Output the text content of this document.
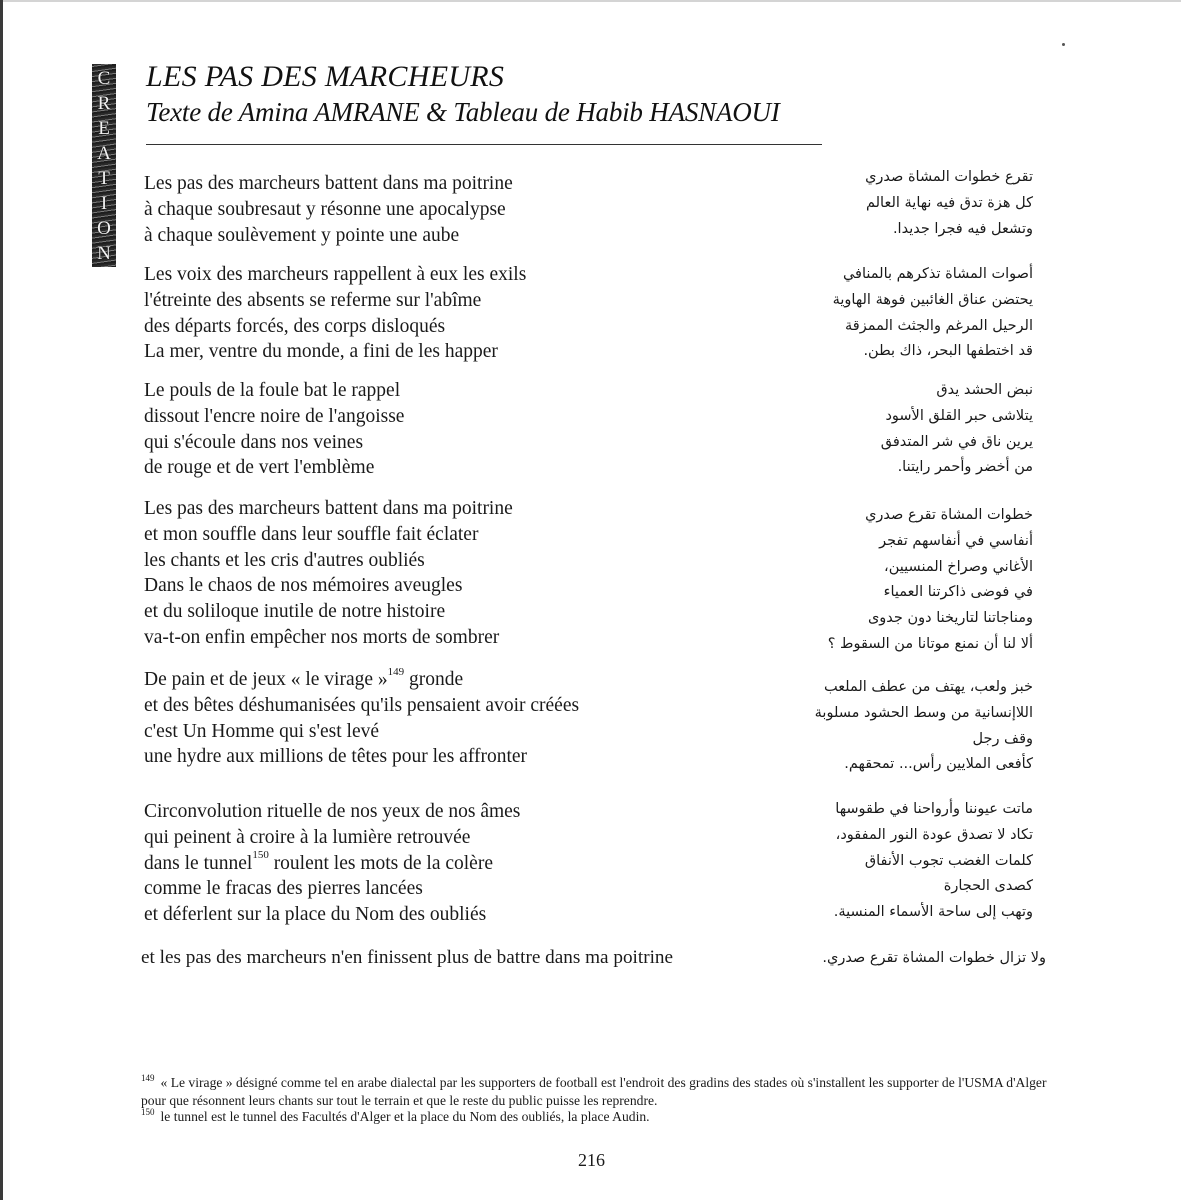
C
R
E
A
T
I
O
N
LES PAS DES MARCHEURS
Texte de Amina AMRANE & Tableau de Habib HASNAOUI
Les pas des marcheurs battent dans ma poitrine
à chaque soubresaut y résonne une apocalypse
à chaque soulèvement y pointe une aube
Les voix des marcheurs rappellent à eux les exils
l'étreinte des absents se referme sur l'abîme
des départs forcés, des corps disloqués
La mer, ventre du monde, a fini de les happer
Le pouls de la foule bat le rappel
dissout l'encre noire de l'angoisse
qui s'écoule dans nos veines
de rouge et de vert l'emblème
Les pas des marcheurs battent dans ma poitrine
et mon souffle dans leur souffle fait éclater
les chants et les cris d'autres oubliés
Dans le chaos de nos mémoires aveugles
et du soliloque inutile de notre histoire
va-t-on enfin empêcher nos morts de sombrer
De pain et de jeux « le virage »$^{149}$ gronde
et des bêtes déshumanisées qu'ils pensaient avoir créées
c'est Un Homme qui s'est levé
une hydre aux millions de têtes pour les affronter
Circonvolution rituelle de nos yeux de nos âmes
qui peinent à croire à la lumière retrouvée
dans le tunnel$^{150}$ roulent les mots de la colère
comme le fracas des pierres lancées
et déferlent sur la place du Nom des oubliés
et les pas des marcheurs n'en finissent plus de battre dans ma poitrine
تقرع خطوات المشاة صدري
كل هزة تدق فيه نهاية العالم
وتشعل فيه فجرا جديدا.
أصوات المشاة تذكرهم بالمنافي
يحتضن عناق الغائبين فوهة الهاوية
الرحيل المرغم والجثث الممزقة
قد اختطفها البحر، ذاك بطن.
نبض الحشد يدق
يتلاشى حبر القلق الأسود
يرين ناق في شر المتدفق
من أخضر وأحمر رايتنا.
خطوات المشاة تقرع صدري
أنفاسي في أنفاسهم تفجر
الأغاني وصراخ المنسيين،
في فوضى ذاكرتنا العمياء
ومناجاتنا لتاريخنا دون جدوى
ألا لنا أن نمنع موتانا من السقوط ؟
خبز ولعب، يهتف من عطف الملعب
اللاإنسانية من وسط الحشود مسلوبة
وقف رجل
كأفعى الملايين رأس... تمحقهم.
ماتت عيوننا وأرواحنا في طقوسها
تكاد لا تصدق عودة النور المفقود،
كلمات الغضب تجوب الأنفاق
كصدى الحجارة
وتهب إلى ساحة الأسماء المنسية.
ولا تزال خطوات المشاة تقرع صدري.

$^{149}$ « Le virage » désigné comme tel en arabe dialectal par les supporters de football est l'endroit des gradins des stades où s'installent les supporter de l'USMA d'Alger pour que résonnent leurs chants sur tout le terrain et que le reste du public puisse les reprendre.

$^{150}$ le tunnel est le tunnel des Facultés d'Alger et la place du Nom des oubliés, la place Audin.

216
